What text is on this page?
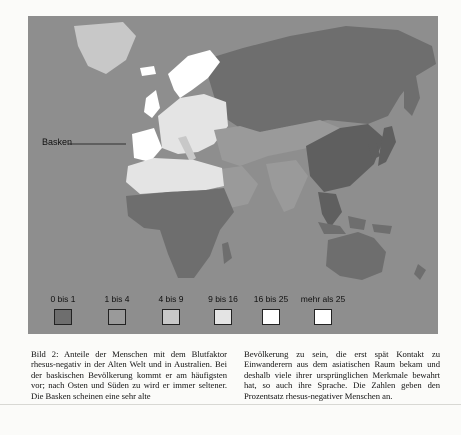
Basken
0 bis 1	1 bis 4	4 bis 9	9 bis 16	16 bis 25	mehr als 25
Bild 2: Anteile der Menschen mit dem Blutfaktor rhesus-negativ in der Alten Welt und in Australien. Bei der baskischen Bevölkerung kommt er am häufigsten vor; nach Osten und Süden zu wird er immer seltener. Die Basken scheinen eine sehr alte
Bevölkerung zu sein, die erst spät Kontakt zu Einwanderern aus dem asiatischen Raum bekam und deshalb viele ihrer ursprünglichen Merkmale bewahrt hat, so auch ihre Sprache. Die Zahlen geben den Prozentsatz rhesus-negativer Menschen an.
